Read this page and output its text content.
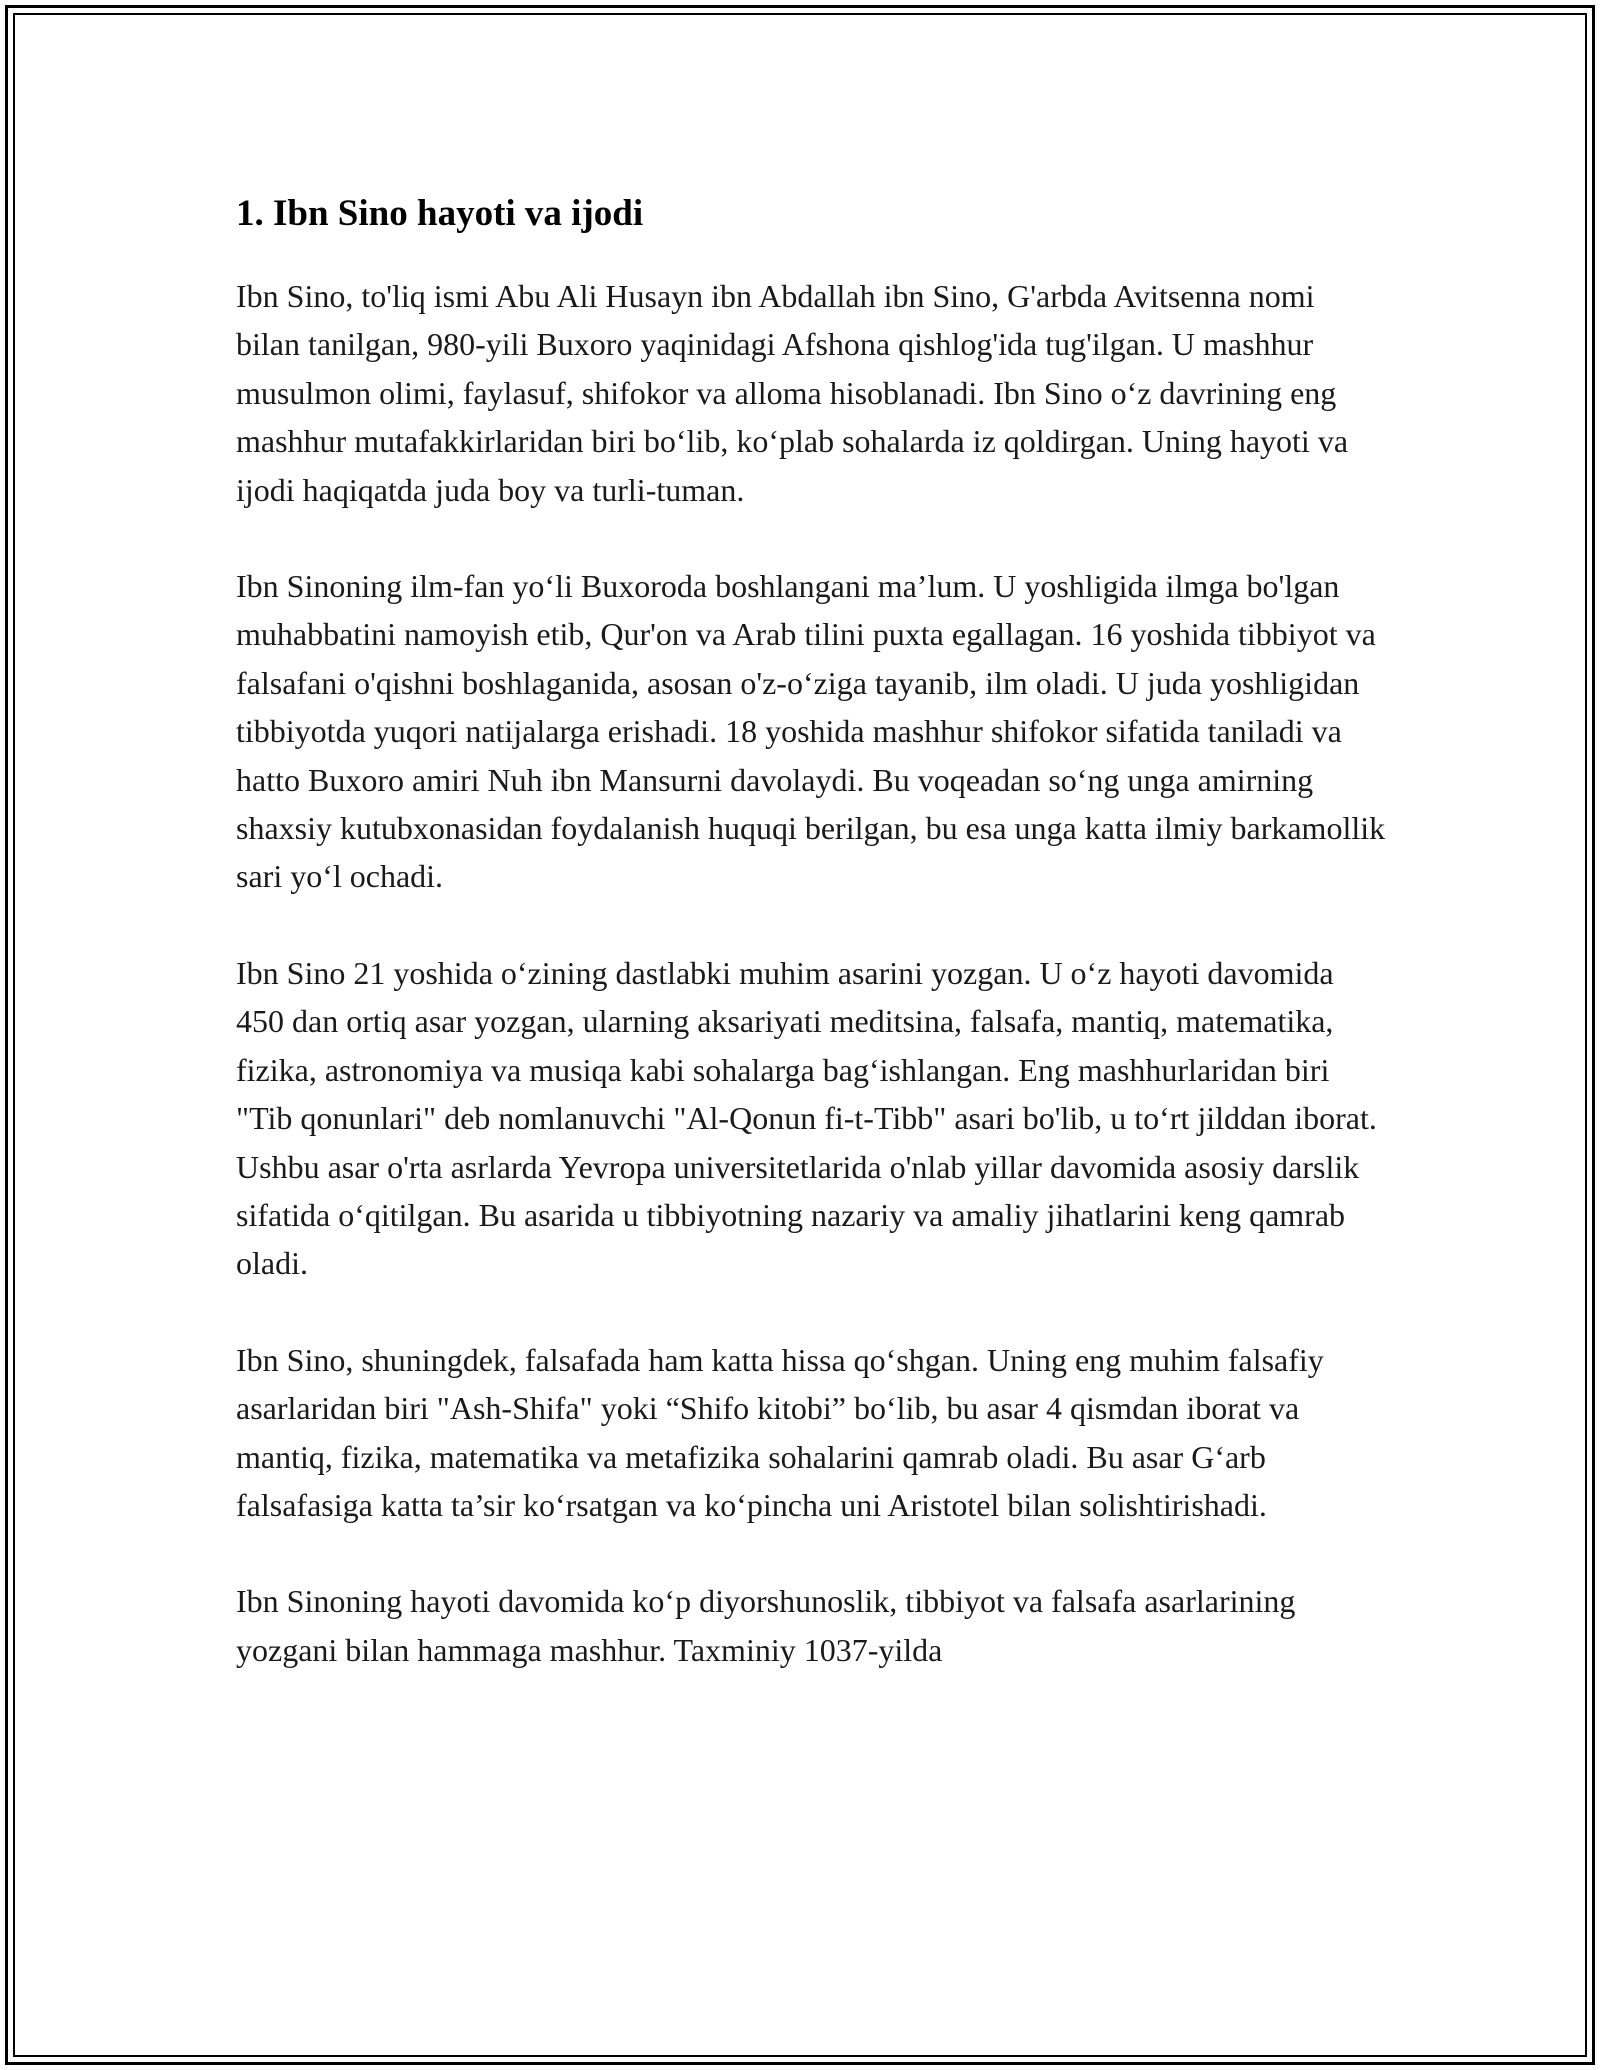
1. Ibn Sino hayoti va ijodi

Ibn Sino, to'liq ismi Abu Ali Husayn ibn Abdallah ibn Sino, G'arbda Avitsenna nomi bilan tanilgan, 980-yili Buxoro yaqinidagi Afshona qishlog'ida tug'ilgan. U mashhur musulmon olimi, faylasuf, shifokor va alloma hisoblanadi. Ibn Sino o‘z davrining eng mashhur mutafakkirlaridan biri bo‘lib, ko‘plab sohalarda iz qoldirgan. Uning hayoti va ijodi haqiqatda juda boy va turli-tuman.

Ibn Sinoning ilm-fan yo‘li Buxoroda boshlangani ma’lum. U yoshligida ilmga bo'lgan muhabbatini namoyish etib, Qur'on va Arab tilini puxta egallagan. 16 yoshida tibbiyot va falsafani o'qishni boshlaganida, asosan o'z-o‘ziga tayanib, ilm oladi. U juda yoshligidan tibbiyotda yuqori natijalarga erishadi. 18 yoshida mashhur shifokor sifatida taniladi va hatto Buxoro amiri Nuh ibn Mansurni davolaydi. Bu voqeadan so‘ng unga amirning shaxsiy kutubxonasidan foydalanish huquqi berilgan, bu esa unga katta ilmiy barkamollik sari yo‘l ochadi.

Ibn Sino 21 yoshida o‘zining dastlabki muhim asarini yozgan. U o‘z hayoti davomida 450 dan ortiq asar yozgan, ularning aksariyati meditsina, falsafa, mantiq, matematika, fizika, astronomiya va musiqa kabi sohalarga bag‘ishlangan. Eng mashhurlaridan biri "Tib qonunlari" deb nomlanuvchi "Al-Qonun fi-t-Tibb" asari bo'lib, u to‘rt jilddan iborat. Ushbu asar o'rta asrlarda Yevropa universitetlarida o'nlab yillar davomida asosiy darslik sifatida o‘qitilgan. Bu asarida u tibbiyotning nazariy va amaliy jihatlarini keng qamrab oladi.

Ibn Sino, shuningdek, falsafada ham katta hissa qo‘shgan. Uning eng muhim falsafiy asarlaridan biri "Ash-Shifa" yoki “Shifo kitobi” bo‘lib, bu asar 4 qismdan iborat va mantiq, fizika, matematika va metafizika sohalarini qamrab oladi. Bu asar G‘arb falsafasiga katta ta’sir ko‘rsatgan va ko‘pincha uni Aristotel bilan solishtirishadi.

Ibn Sinoning hayoti davomida ko‘p diyorshunoslik, tibbiyot va falsafa asarlarining yozgani bilan hammaga mashhur. Taxminiy 1037-yilda
